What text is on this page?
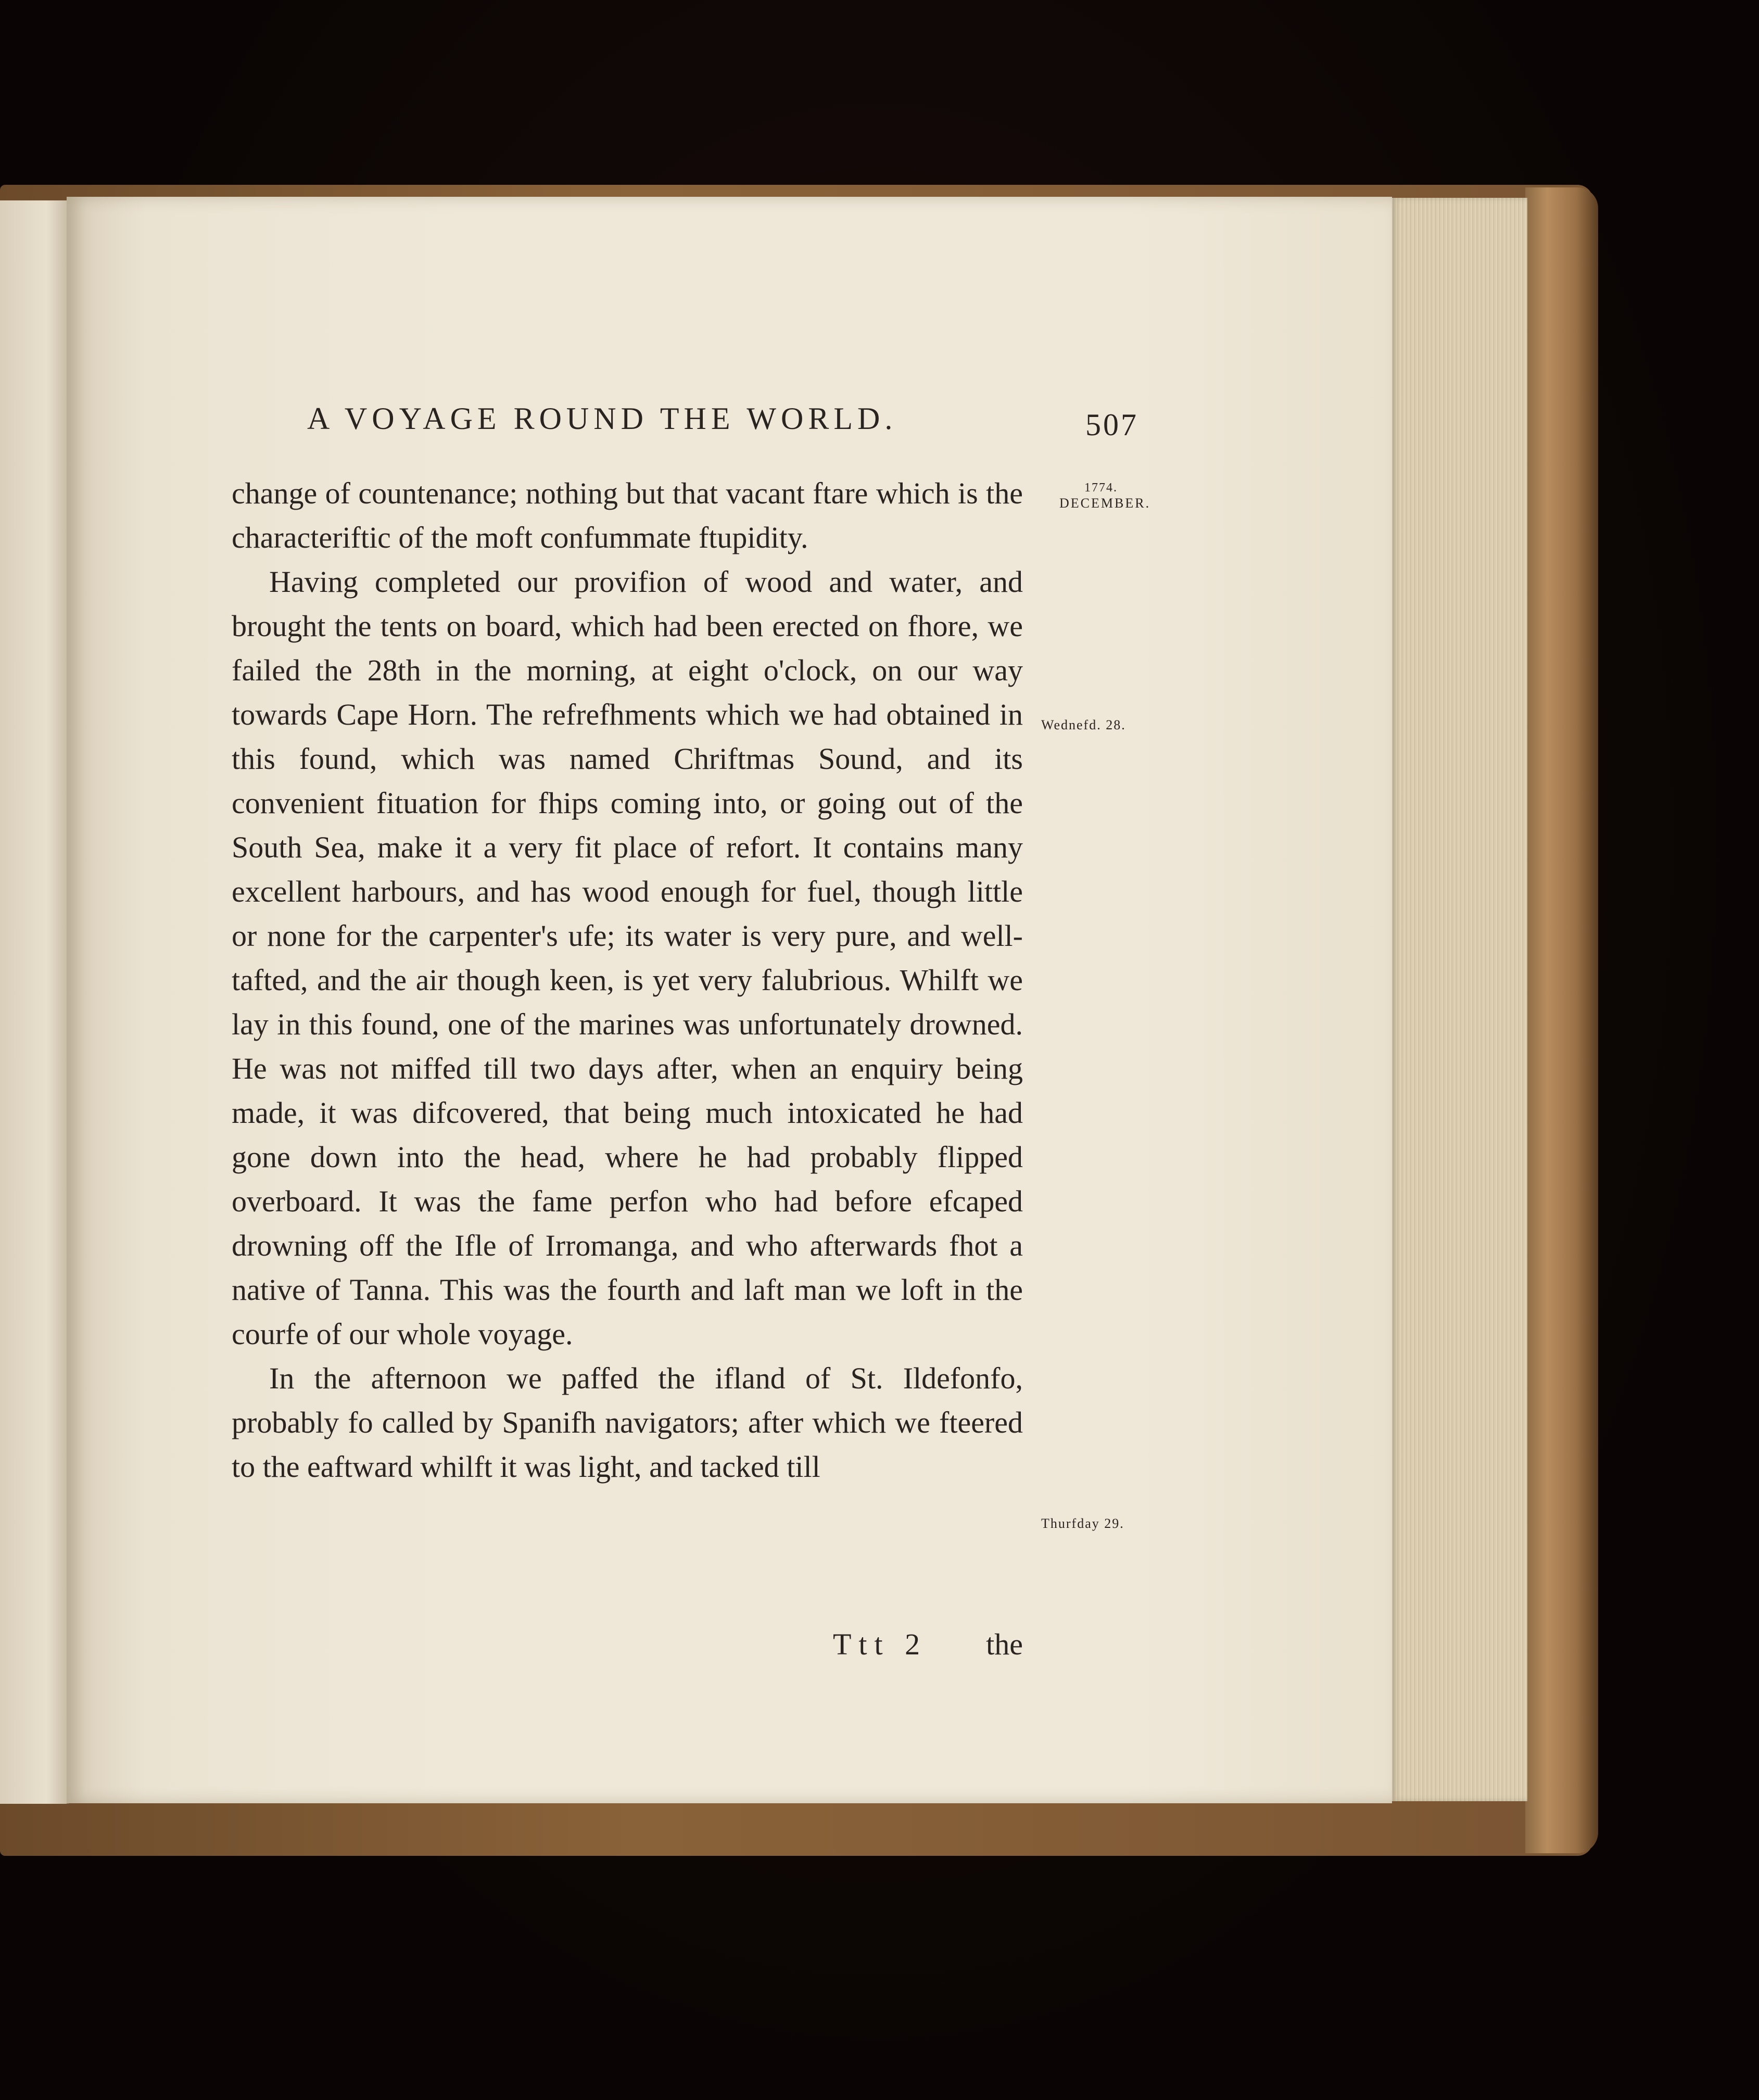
A VOYAGE ROUND THE WORLD.	507
1774.
DECEMBER.
Wednefd. 28.
Thurfday 29.

change of countenance; nothing but that vacant ftare which is the characteriftic of the moft confummate ftupidity.

Having completed our provifion of wood and water, and brought the tents on board, which had been erected on fhore, we failed the 28th in the morning, at eight o'clock, on our way towards Cape Horn. The refrefhments which we had obtained in this found, which was named Chriftmas Sound, and its convenient fituation for fhips coming into, or going out of the South Sea, make it a very fit place of refort. It contains many excellent harbours, and has wood enough for fuel, though little or none for the carpenter's ufe; its water is very pure, and well-tafted, and the air though keen, is yet very falubrious. Whilft we lay in this found, one of the marines was unfortunately drowned. He was not miffed till two days after, when an enquiry being made, it was difcovered, that being much intoxicated he had gone down into the head, where he had probably flipped overboard. It was the fame perfon who had before efcaped drowning off the Ifle of Irromanga, and who afterwards fhot a native of Tanna. This was the fourth and laft man we loft in the courfe of our whole voyage.

In the afternoon we paffed the ifland of St. Ildefonfo, probably fo called by Spanifh navigators; after which we fteered to the eaftward whilft it was light, and tacked till

Ttt 2 the
